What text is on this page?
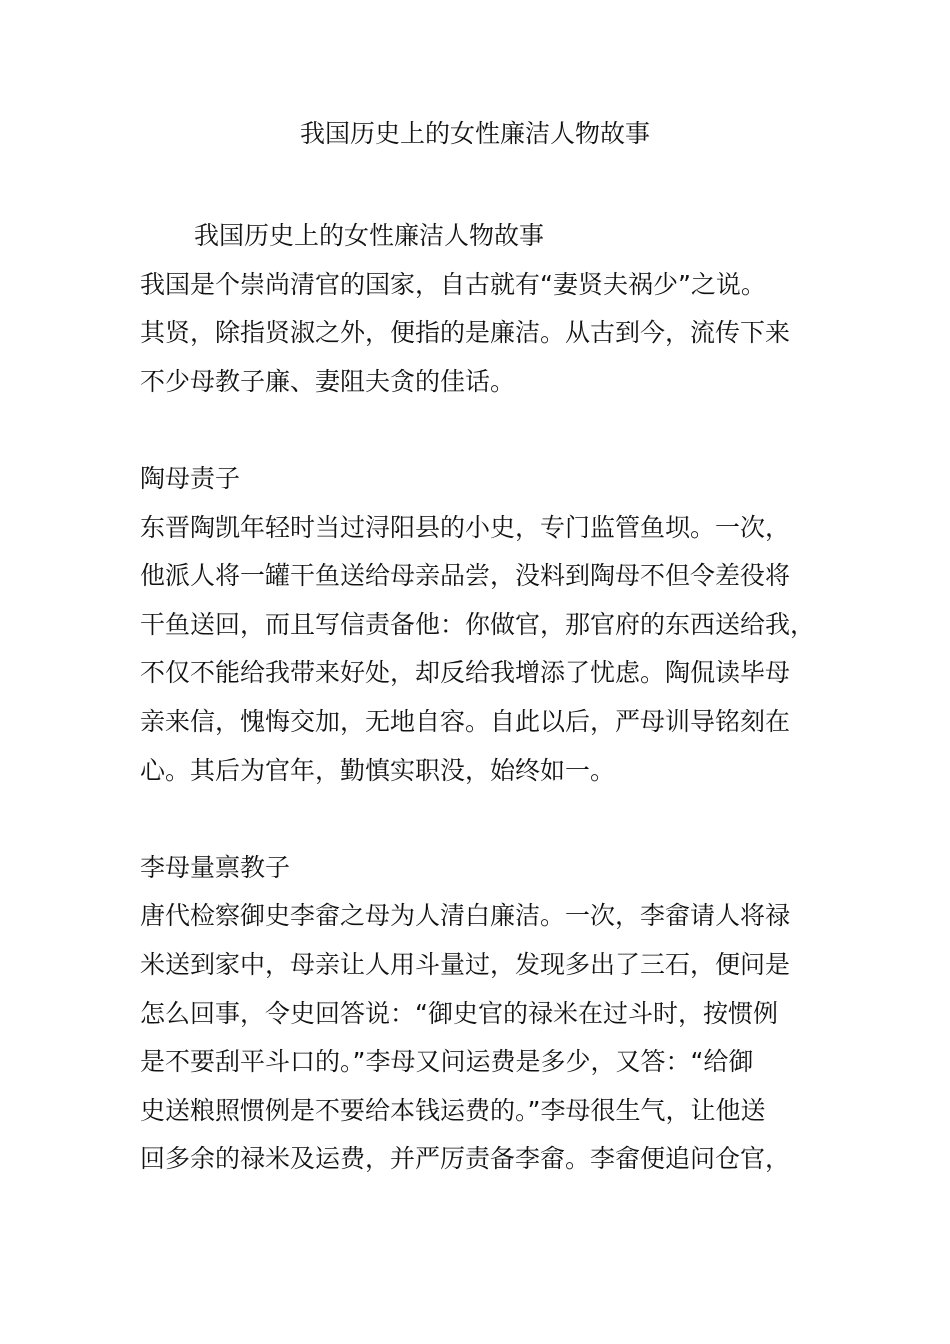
我国历史上的女性廉洁人物故事
我国历史上的女性廉洁人物故事
我国是个崇尚清官的国家，自古就有“妻贤夫祸少”之说。
其贤，除指贤淑之外，便指的是廉洁。从古到今，流传下来
不少母教子廉、妻阻夫贪的佳话。
陶母责子
东晋陶凯年轻时当过浔阳县的小史，专门监管鱼坝。一次，
他派人将一罐干鱼送给母亲品尝，没料到陶母不但令差役将
干鱼送回，而且写信责备他：你做官，那官府的东西送给我，
不仅不能给我带来好处，却反给我增添了忧虑。陶侃读毕母
亲来信，愧悔交加，无地自容。自此以后，严母训导铭刻在
心。其后为官年，勤慎实职没，始终如一。
李母量禀教子
唐代检察御史李畲之母为人清白廉洁。一次，李畲请人将禄
米送到家中，母亲让人用斗量过，发现多出了三石，便问是
怎么回事，令史回答说：“御史官的禄米在过斗时，按惯例
是不要刮平斗口的。”李母又问运费是多少，又答：“给御
史送粮照惯例是不要给本钱运费的。”李母很生气，让他送
回多余的禄米及运费，并严厉责备李畲。李畲便追问仓官，
